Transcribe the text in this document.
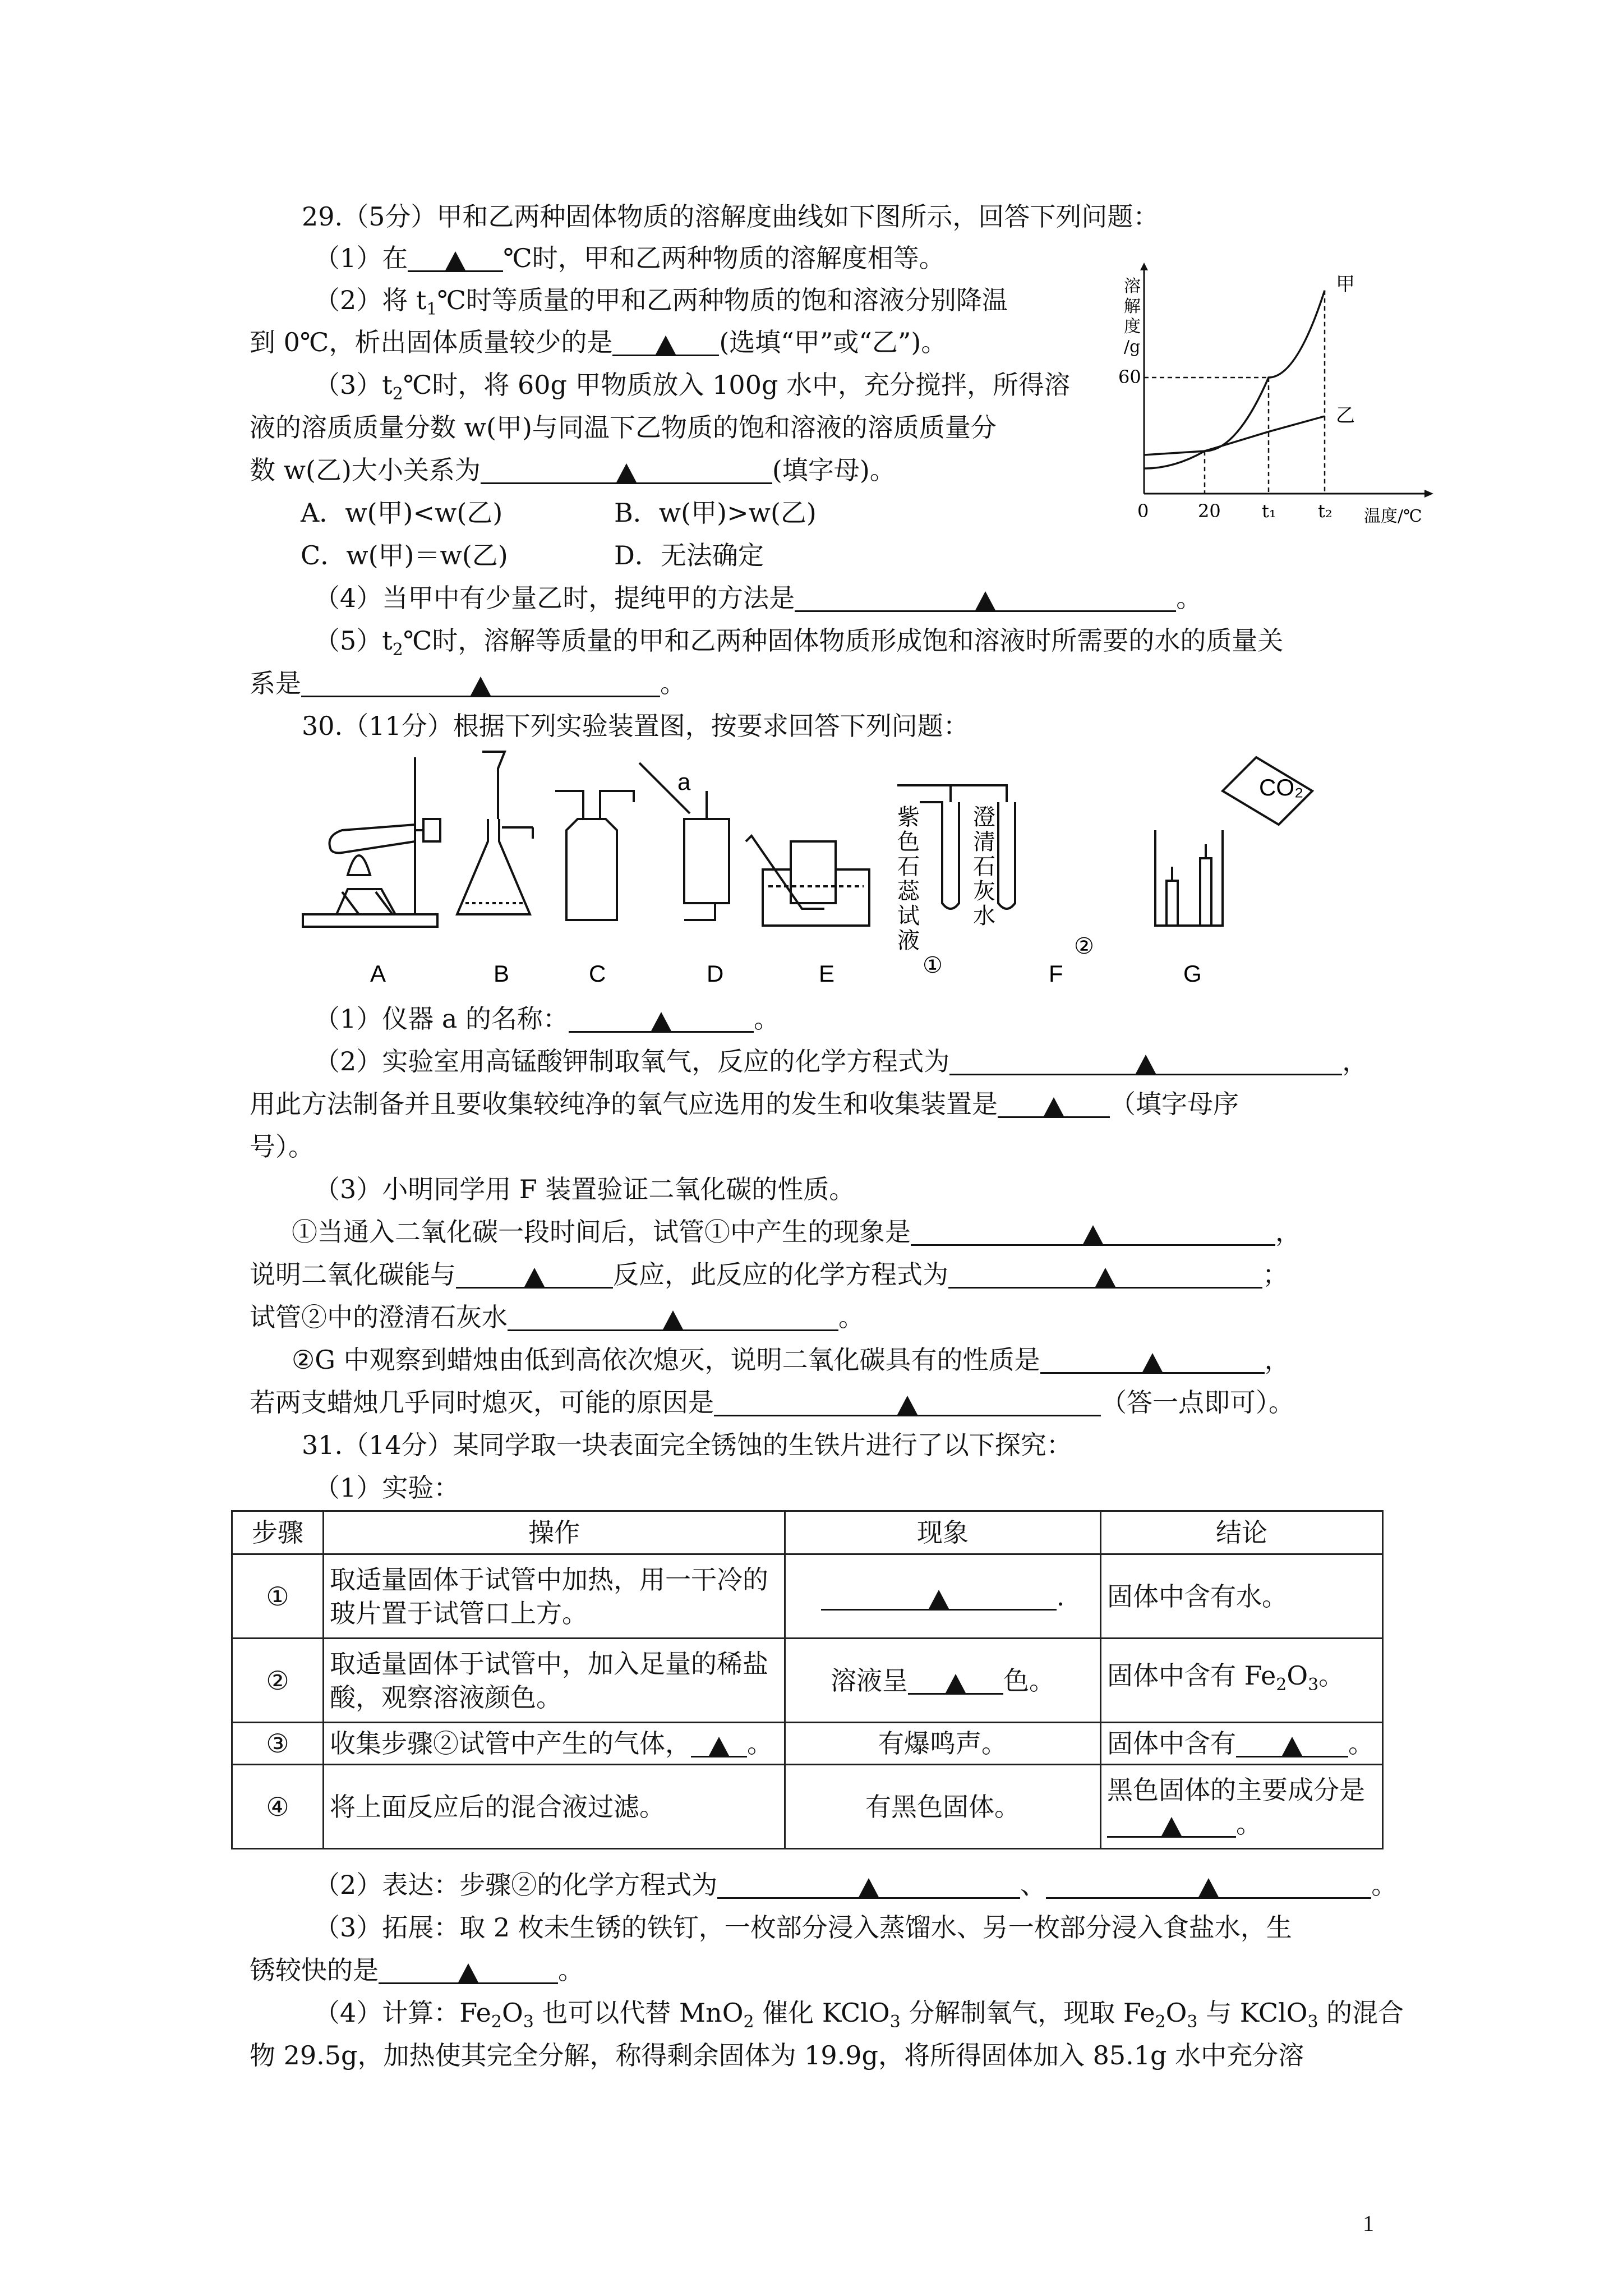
29.（5分）甲和乙两种固体物质的溶解度曲线如下图所示，回答下列问题：
（1）在	℃时，甲和乙两种物质的溶解度相等。
（2）将 $t_1℃$时等质量的甲和乙两种物质的饱和溶液分别降温
到 0℃，析出固体质量较少的是	(选填“甲”或“乙”)。
$(3)t_2℃$时，将 60g 甲物质放入 100g 水中，充分搅拌，所得溶
液的溶质质量分数 w(甲)与同温下乙物质的饱和溶液的溶质质量分
数 w(乙)大小关系为	(填字母)。
A．w(甲)<w(乙)	B．w(甲)>w(乙)
C．w(甲)＝w(乙)	D．无法确定
（4）当甲中有少量乙时，提纯甲的方法是	。
$(5)t_2℃$时，溶解等质量的甲和乙两种固体物质形成饱和溶液时所需要的水的质量关
系是	。
溶
解
度
/g
温度/℃
甲
乙
0	20 t₁ t₂
60
30.（11分）根据下列实验装置图，按要求回答下列问题：
CO₂
a
紫
色
石
蕊
试
液
①
澄
清
石
灰
水
②
A	B	C	D	E	F	G
（1）仪器 a 的名称：	。
（2）实验室用高锰酸钾制取氧气，反应的化学方程式为	，
用此方法制备并且要收集较纯净的氧气应选用的发生和收集装置是	（填字母序
号）。
（3）小明同学用 F 装置验证二氧化碳的性质。
①当通入二氧化碳一段时间后，试管①中产生的现象是	，
说明二氧化碳能与	反应，此反应的化学方程式为	；
试管②中的澄清石灰水	。
②G 中观察到蜡烛由低到高依次熄灭，说明二氧化碳具有的性质是	，
若两支蜡烛几乎同时熄灭，可能的原因是	（答一点即可）。
31.（14分）某同学取一块表面完全锈蚀的生铁片进行了以下探究：
（1）实验：
步骤	操作	现象	结论
①	取适量固体于试管中加热，用一干冷的玻片置于试管口上方。	.	固体中含有水。
②	取适量固体于试管中，加入足量的稀盐酸，观察溶液颜色。	溶液呈 色。	固体中含有 $Fe_2O_3$。
③	收集步骤②试管中产生的气体， 。	有爆鸣声。	固体中含有 。
④	将上面反应后的混合液过滤。	有黑色固体。	黑色固体的主要成分是
。
（2）表达：步骤②的化学方程式为	、	。
（3）拓展：取 2 枚未生锈的铁钉，一枚部分浸入蒸馏水、另一枚部分浸入食盐水，生
锈较快的是	。
（4）计算：$Fe_2O_3$ 也可以代替 MnO$_2$ 催化 KClO$_3$ 分解制氧气，现取 $Fe_2O_3$ 与 KClO$_3$ 的混合
物 29.5g，加热使其完全分解，称得剩余固体为 19.9g，将所得固体加入 85.1g 水中充分溶
1
